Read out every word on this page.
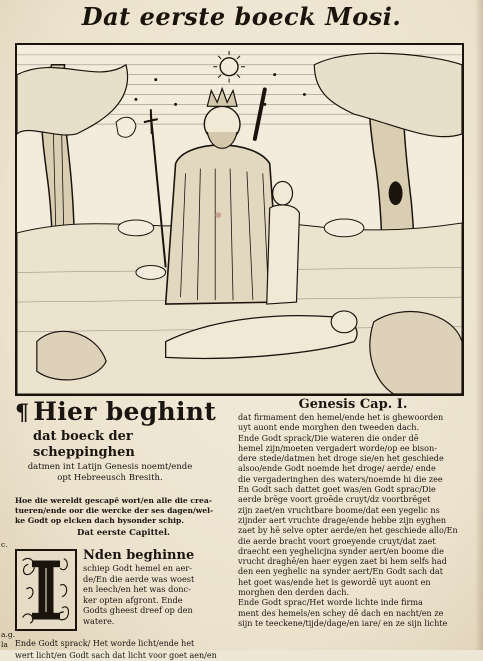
Dat eerste boeck Mosi.
¶ Hier beghint
dat boeck der scheppinghen
datmen int Latijn Genesis noemt/ende
opt Hebreeusch Bresith.
Hoe die wereldt gescapē wort/en alle die crea-
tueren/ende oor die wercke der ses dagen/wel-
ke Godt op elcken dach bysonder schip.
Dat eerste Capittel.
Nden beghinne
schiep Godt hemel en aer-
de/En die aerde was woest
en leech/en het was donc-
ker opten afgront. Ende
Godts gheest dreef op den
watere.
Ende Godt sprack/ Het worde licht/ende het
wert licht/en Godt sach dat licht voor goet aen/en
c.
a.g.
la
Genesis Cap. I.
dat firmament den hemel/ende het is ghewoorden
uyt auont ende morghen den tweeden dach.
Ende Godt sprack/Die wateren die onder dē
hemel zijn/moeten vergadert worde/op ee bison-
dere stede/datmen het droge sie/en het geschiede
alsoo/ende Godt noemde het droge/ aerde/ ende
die vergaderinghen des waters/noemde hi die zee
En Godt sach dattet goet was/en Godt sprac/Die
aerde brēge voort groēde cruyt/dz voortbrēget
zijn zaet/en vruchtbare boome/dat een yegelic ns
zijnder aert vruchte drage/ende hebbe zijn eyghen
zaet by hē selve opter aerde/en het geschiede allo/En
die aerde bracht voort groeyende cruyt/dat zaet
draecht een yeghelicjna synder aert/en boome die
vrucht draghē/en haer eygen zaet bi hem selfs had
den een yeghelic na synder aert/En Godt sach dat
het goet was/ende het is gewordē uyt auont en
morghen den derden dach.
Ende Godt sprac/Het worde lichte inde firma
ment des hemels/en schey dē dach en nacht/en ze
sijn te teeckene/tijde/dage/en iare/ en ze sijn lichte
